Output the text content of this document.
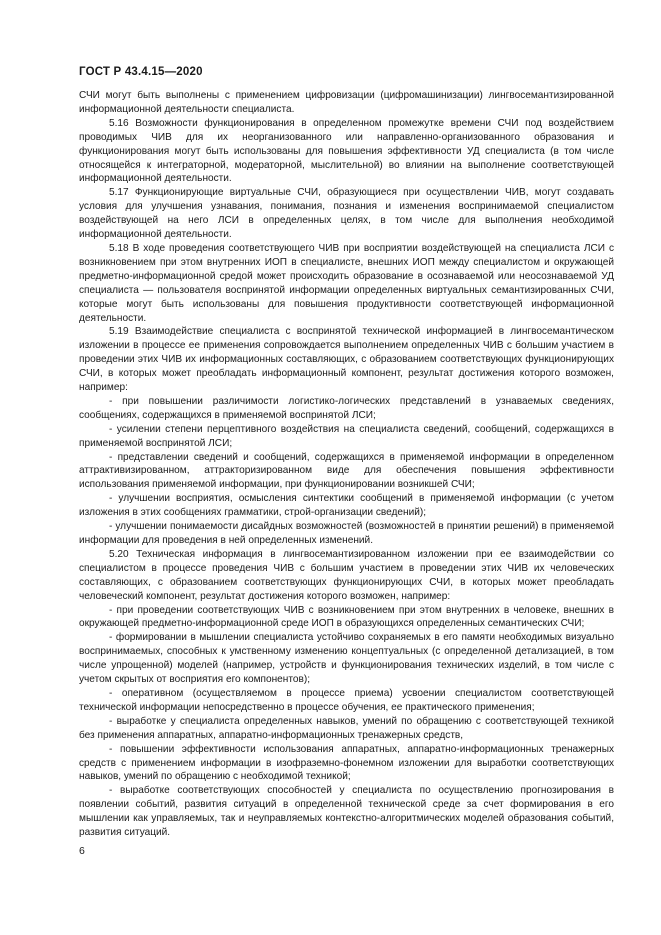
ГОСТ Р 43.4.15—2020

СЧИ могут быть выполнены с применением цифровизации (цифромашинизации) лингвосемантизированной информационной деятельности специалиста.

5.16 Возможности функционирования в определенном промежутке времени СЧИ под воздействием проводимых ЧИВ для их неорганизованного или направленно-организованного образования и функционирования могут быть использованы для повышения эффективности УД специалиста (в том числе относящейся к интеграторной, модераторной, мыслительной) во влиянии на выполнение соответствующей информационной деятельности.

5.17 Функционирующие виртуальные СЧИ, образующиеся при осуществлении ЧИВ, могут создавать условия для улучшения узнавания, понимания, познания и изменения воспринимаемой специалистом воздействующей на него ЛСИ в определенных целях, в том числе для выполнения необходимой информационной деятельности.

5.18 В ходе проведения соответствующего ЧИВ при восприятии воздействующей на специалиста ЛСИ с возникновением при этом внутренних ИОП в специалисте, внешних ИОП между специалистом и окружающей предметно-информационной средой может происходить образование в осознаваемой или неосознаваемой УД специалиста — пользователя воспринятой информации определенных виртуальных семантизированных СЧИ, которые могут быть использованы для повышения продуктивности соответствующей информационной деятельности.

5.19 Взаимодействие специалиста с воспринятой технической информацией в лингвосемантическом изложении в процессе ее применения сопровождается выполнением определенных ЧИВ с большим участием в проведении этих ЧИВ их информационных составляющих, с образованием соответствующих функционирующих СЧИ, в которых может преобладать информационный компонент, результат достижения которого возможен, например:

- при повышении различимости логистико-логических представлений в узнаваемых сведениях, сообщениях, содержащихся в применяемой воспринятой ЛСИ;

- усилении степени перцептивного воздействия на специалиста сведений, сообщений, содержащихся в применяемой воспринятой ЛСИ;

- представлении сведений и сообщений, содержащихся в применяемой информации в определенном аттрактивизированном, аттракторизированном виде для обеспечения повышения эффективности использования применяемой информации, при функционировании возникшей СЧИ;

- улучшении восприятия, осмысления синтектики сообщений в применяемой информации (с учетом изложения в этих сообщениях грамматики, строй-организации сведений);

- улучшении понимаемости дисайдных возможностей (возможностей в принятии решений) в применяемой информации для проведения в ней определенных изменений.

5.20 Техническая информация в лингвосемантизированном изложении при ее взаимодействии со специалистом в процессе проведения ЧИВ с большим участием в проведении этих ЧИВ их человеческих составляющих, с образованием соответствующих функционирующих СЧИ, в которых может преобладать человеческий компонент, результат достижения которого возможен, например:

- при проведении соответствующих ЧИВ с возникновением при этом внутренних в человеке, внешних в окружающей предметно-информационной среде ИОП в образующихся определенных семантических СЧИ;

- формировании в мышлении специалиста устойчиво сохраняемых в его памяти необходимых визуально воспринимаемых, способных к умственному изменению концептуальных (с определенной детализацией, в том числе упрощенной) моделей (например, устройств и функционирования технических изделий, в том числе с учетом скрытых от восприятия его компонентов);

- оперативном (осуществляемом в процессе приема) усвоении специалистом соответствующей технической информации непосредственно в процессе обучения, ее практического применения;

- выработке у специалиста определенных навыков, умений по обращению с соответствующей техникой без применения аппаратных, аппаратно-информационных тренажерных средств,

- повышении эффективности использования аппаратных, аппаратно-информационных тренажерных средств с применением информации в изофраземно-фонемном изложении для выработки соответствующих навыков, умений по обращению с необходимой техникой;

- выработке соответствующих способностей у специалиста по осуществлению прогнозирования в появлении событий, развития ситуаций в определенной технической среде за счет формирования в его мышлении как управляемых, так и неуправляемых контекстно-алгоритмических моделей образования событий, развития ситуаций.

6
